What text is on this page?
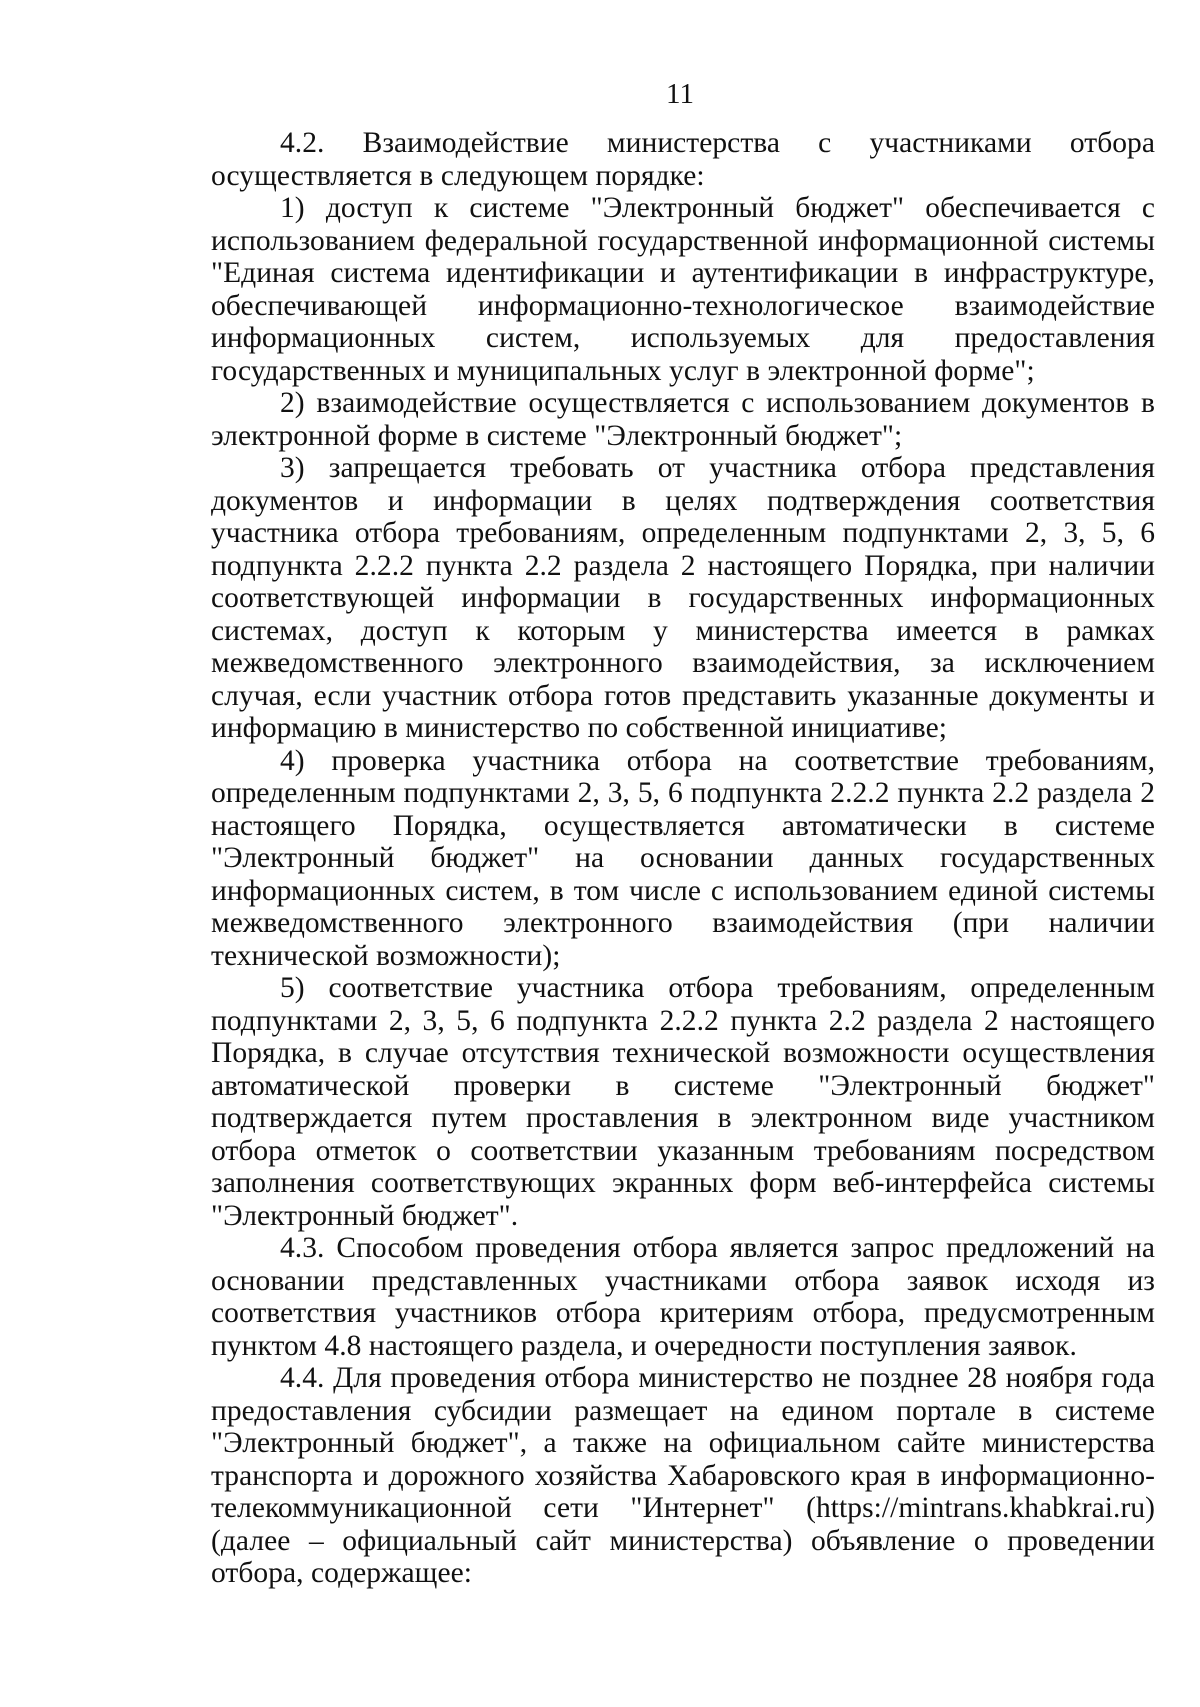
11

4.2. Взаимодействие министерства с участниками отбора осуществляется в следующем порядке:

1) доступ к системе "Электронный бюджет" обеспечивается с использованием федеральной государственной информационной системы "Единая система идентификации и аутентификации в инфраструктуре, обеспечивающей информационно-технологическое взаимодействие информационных систем, используемых для предоставления государственных и муниципальных услуг в электронной форме";

2) взаимодействие осуществляется с использованием документов в электронной форме в системе "Электронный бюджет";

3) запрещается требовать от участника отбора представления документов и информации в целях подтверждения соответствия участника отбора требованиям, определенным подпунктами 2, 3, 5, 6 подпункта 2.2.2 пункта 2.2 раздела 2 настоящего Порядка, при наличии соответствующей информации в государственных информационных системах, доступ к которым у министерства имеется в рамках межведомственного электронного взаимодействия, за исключением случая, если участник отбора готов представить указанные документы и информацию в министерство по собственной инициативе;

4) проверка участника отбора на соответствие требованиям, определенным подпунктами 2, 3, 5, 6 подпункта 2.2.2 пункта 2.2 раздела 2 настоящего Порядка, осуществляется автоматически в системе "Электронный бюджет" на основании данных государственных информационных систем, в том числе с использованием единой системы межведомственного электронного взаимодействия (при наличии технической возможности);

5) соответствие участника отбора требованиям, определенным подпунктами 2, 3, 5, 6 подпункта 2.2.2 пункта 2.2 раздела 2 настоящего Порядка, в случае отсутствия технической возможности осуществления автоматической проверки в системе "Электронный бюджет" подтверждается путем проставления в электронном виде участником отбора отметок о соответствии указанным требованиям посредством заполнения соответствующих экранных форм веб-интерфейса системы "Электронный бюджет".

4.3. Способом проведения отбора является запрос предложений на основании представленных участниками отбора заявок исходя из соответствия участников отбора критериям отбора, предусмотренным пунктом 4.8 настоящего раздела, и очередности поступления заявок.

4.4. Для проведения отбора министерство не позднее 28 ноября года предоставления субсидии размещает на едином портале в системе "Электронный бюджет", а также на официальном сайте министерства транспорта и дорожного хозяйства Хабаровского края в информационно-телекоммуникационной сети "Интернет" (https://mintrans.khabkrai.ru) (далее – официальный сайт министерства) объявление о проведении отбора, содержащее:
